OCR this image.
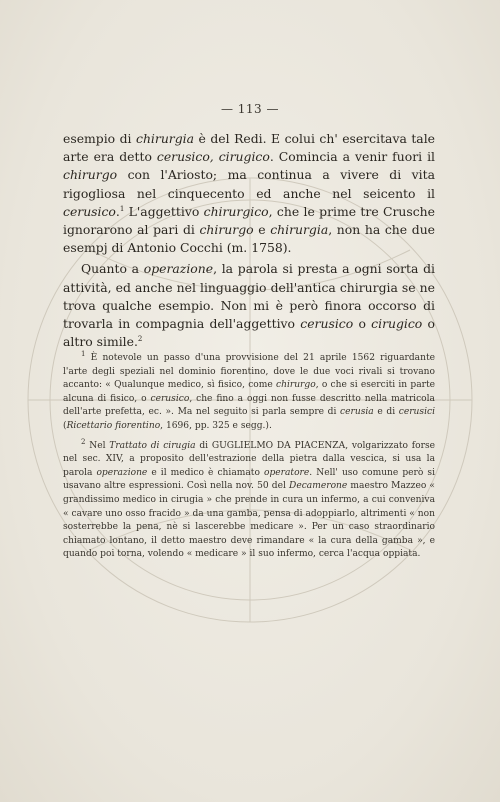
— 113 —

esempio di chirurgia è del Redi. E colui ch' esercitava tale arte era detto cerusico, cirugico. Comincia a venir fuori il chirurgo con l'Ariosto; ma continua a vivere di vita rigogliosa nel cinquecento ed anche nel seicento il cerusico.$^1$ L'aggettivo chirurgico, che le prime tre Crusche ignorarono al pari di chirurgo e chirurgia, non ha che due esempj di Antonio Cocchi (m. 1758).

Quanto a operazione, la parola si presta a ogni sorta di attività, ed anche nel linguaggio dell'antica chirurgia se ne trova qualche esempio. Non mi è però finora occorso di trovarla in compagnia dell'aggettivo cerusico o cirugico o altro simile.$^2$

$^1$ È notevole un passo d'una provvisione del 21 aprile 1562 riguardante l'arte degli speziali nel dominio fiorentino, dove le due voci rivali si trovano accanto: « Qualunque medico, sì fisico, come chirurgo, o che si eserciti in parte alcuna di fisico, o cerusico, che fino a oggi non fusse descritto nella matricola dell'arte prefetta, ec. ». Ma nel seguito si parla sempre di cerusia e di cerusici (Ricettario fiorentino, 1696, pp. 325 e segg.).

$^2$ Nel Trattato di cirugia di GUGLIELMO DA PIACENZA, volgarizzato forse nel sec. XIV, a proposito dell'estrazione della pietra dalla vescica, si usa la parola operazione e il medico è chiamato operatore. Nell' uso comune però si usavano altre espressioni. Così nella nov. 50 del Decamerone maestro Mazzeo « grandissimo medico in cirugia » che prende in cura un infermo, a cui conveniva « cavare uno osso fracido » da una gamba, pensa di adoppiarlo, altrimenti « non sosterrebbe la pena, nè si lascerebbe medicare ». Per un caso straordinario chiamato lontano, il detto maestro deve rimandare « la cura della gamba », e quando poi torna, volendo « medicare » il suo infermo, cerca l'acqua oppiata.
